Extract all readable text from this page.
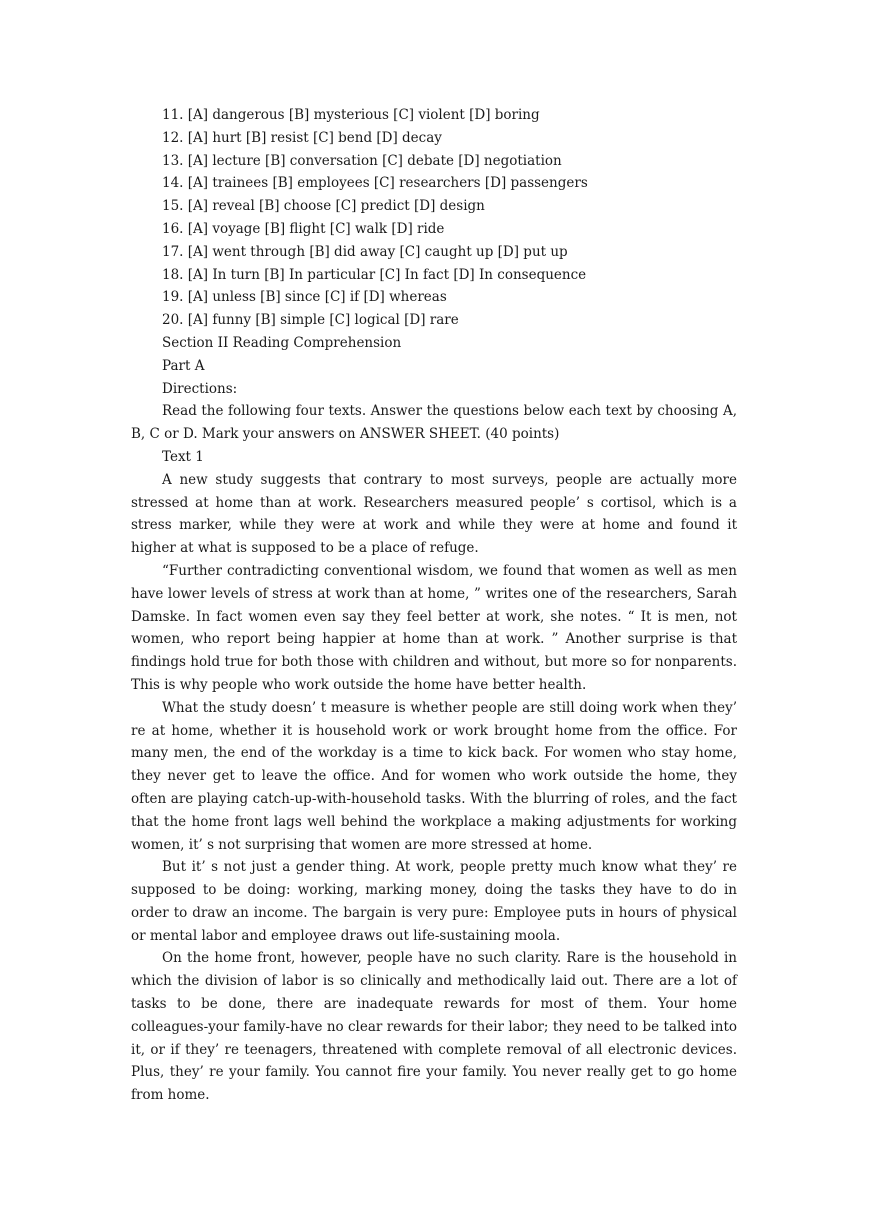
11. [A] dangerous [B] mysterious [C] violent [D] boring
12. [A] hurt [B] resist [C] bend [D] decay
13. [A] lecture [B] conversation [C] debate [D] negotiation
14. [A] trainees [B] employees [C] researchers [D] passengers
15. [A] reveal [B] choose [C] predict [D] design
16. [A] voyage [B] flight [C] walk [D] ride
17. [A] went through [B] did away [C] caught up [D] put up
18. [A] In turn [B] In particular [C] In fact [D] In consequence
19. [A] unless [B] since [C] if [D] whereas
20. [A] funny [B] simple [C] logical [D] rare
Section II Reading Comprehension
Part A
Directions:

Read the following four texts. Answer the questions below each text by choosing A, B, C or D. Mark your answers on ANSWER SHEET. (40 points)

Text 1

A new study suggests that contrary to most surveys, people are actually more stressed at home than at work. Researchers measured people’ s cortisol, which is a stress marker, while they were at work and while they were at home and found it higher at what is supposed to be a place of refuge.

“Further contradicting conventional wisdom, we found that women as well as men have lower levels of stress at work than at home, ” writes one of the researchers, Sarah Damske. In fact women even say they feel better at work, she notes. “ It is men, not women, who report being happier at home than at work. ” Another surprise is that findings hold true for both those with children and without, but more so for nonparents. This is why people who work outside the home have better health.

What the study doesn’ t measure is whether people are still doing work when they’ re at home, whether it is household work or work brought home from the office. For many men, the end of the workday is a time to kick back. For women who stay home, they never get to leave the office. And for women who work outside the home, they often are playing catch-up-with-household tasks. With the blurring of roles, and the fact that the home front lags well behind the workplace a making adjustments for working women, it’ s not surprising that women are more stressed at home.

But it’ s not just a gender thing. At work, people pretty much know what they’ re supposed to be doing: working, marking money, doing the tasks they have to do in order to draw an income. The bargain is very pure: Employee puts in hours of physical or mental labor and employee draws out life-sustaining moola.

On the home front, however, people have no such clarity. Rare is the household in which the division of labor is so clinically and methodically laid out. There are a lot of tasks to be done, there are inadequate rewards for most of them. Your home colleagues-your family-have no clear rewards for their labor; they need to be talked into it, or if they’ re teenagers, threatened with complete removal of all electronic devices. Plus, they’ re your family. You cannot fire your family. You never really get to go home from home.
